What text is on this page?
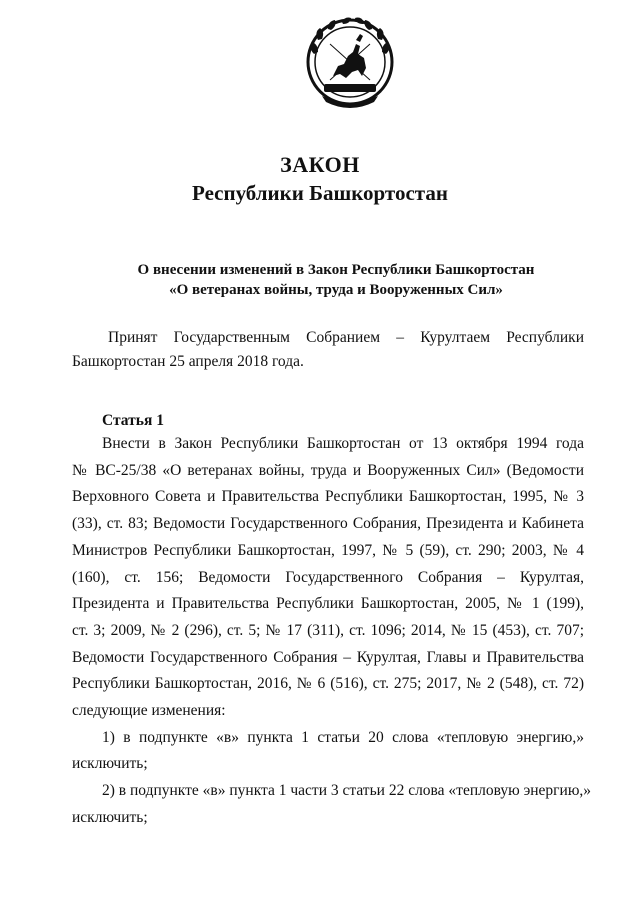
ЗАКОН
Республики Башкортостан
О внесении изменений в Закон Республики Башкортостан
«О ветеранах войны, труда и Вооруженных Сил»
Принят Государственным Собранием – Курултаем Республики
Башкортостан 25 апреля 2018 года.
Статья 1
Внести в Закон Республики Башкортостан от 13 октября 1994 года
№ ВС-25/38 «О ветеранах войны, труда и Вооруженных Сил» (Ведомости
Верховного Совета и Правительства Республики Башкортостан, 1995, № 3
(33), ст. 83; Ведомости Государственного Собрания, Президента и Кабинета
Министров Республики Башкортостан, 1997, № 5 (59), ст. 290; 2003, № 4
(160), ст. 156; Ведомости Государственного Собрания – Курултая,
Президента и Правительства Республики Башкортостан, 2005, № 1 (199),
ст. 3; 2009, № 2 (296), ст. 5; № 17 (311), ст. 1096; 2014, № 15 (453), ст. 707;
Ведомости Государственного Собрания – Курултая, Главы и Правительства
Республики Башкортостан, 2016, № 6 (516), ст. 275; 2017, № 2 (548), ст. 72)
следующие изменения:
1) в подпункте «в» пункта 1 статьи 20 слова «тепловую энергию,»
исключить;
2) в подпункте «в» пункта 1 части 3 статьи 22 слова «тепловую энергию,»
исключить;
